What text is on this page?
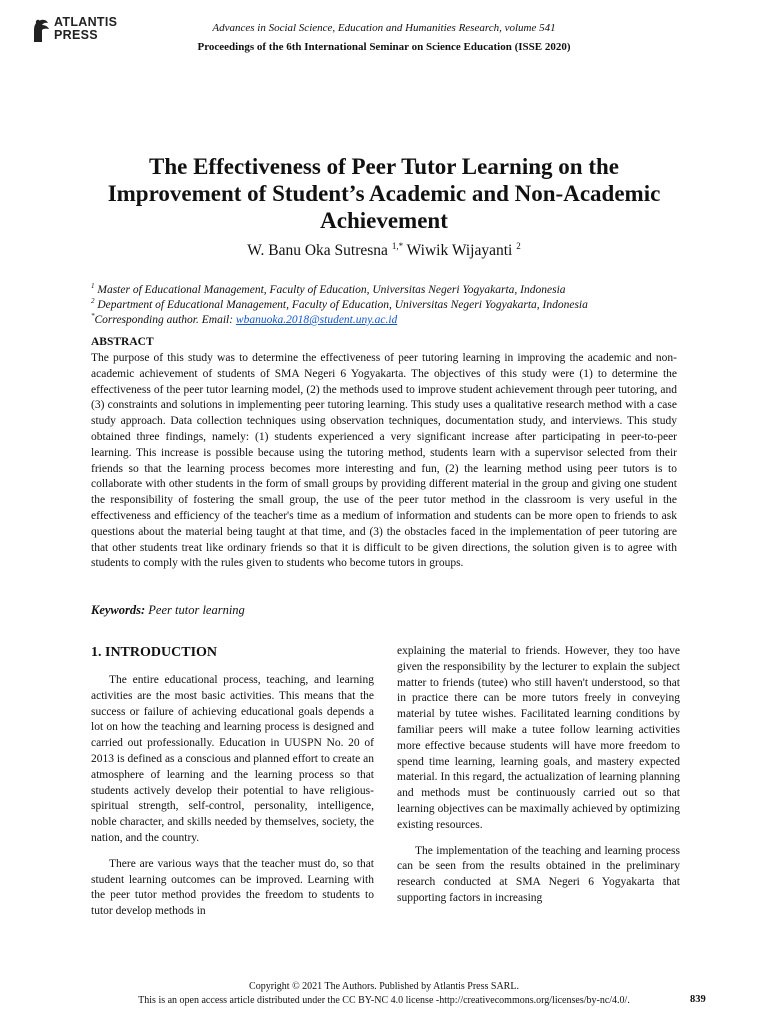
ATLANTIS
PRESS	Advances in Social Science, Education and Humanities Research, volume 541
Proceedings of the 6th International Seminar on Science Education (ISSE 2020)
The Effectiveness of Peer Tutor Learning on the Improvement of Student’s Academic and Non-Academic Achievement
W. Banu Oka Sutresna $^{1,*}$ Wiwik Wijayanti $^2$
$^1$ Master of Educational Management, Faculty of Education, Universitas Negeri Yogyakarta, Indonesia
$^2$ Department of Educational Management, Faculty of Education, Universitas Negeri Yogyakarta, Indonesia
*Corresponding author. Email: wbanuoka.2018@student.uny.ac.id
ABSTRACT
The purpose of this study was to determine the effectiveness of peer tutoring learning in improving the academic and non-academic achievement of students of SMA Negeri 6 Yogyakarta. The objectives of this study were (1) to determine the effectiveness of the peer tutor learning model, (2) the methods used to improve student achievement through peer tutoring, and (3) constraints and solutions in implementing peer tutoring learning. This study uses a qualitative research method with a case study approach. Data collection techniques using observation techniques, documentation study, and interviews. This study obtained three findings, namely: (1) students experienced a very significant increase after participating in peer-to-peer learning. This increase is possible because using the tutoring method, students learn with a supervisor selected from their friends so that the learning process becomes more interesting and fun, (2) the learning method using peer tutors is to collaborate with other students in the form of small groups by providing different material in the group and giving one student the responsibility of fostering the small group, the use of the peer tutor method in the classroom is very useful in the effectiveness and efficiency of the teacher's time as a medium of information and students can be more open to friends to ask questions about the material being taught at that time, and (3) the obstacles faced in the implementation of peer tutoring are that other students treat like ordinary friends so that it is difficult to be given directions, the solution given is to agree with students to comply with the rules given to students who become tutors in groups.
Keywords: Peer tutor learning
1. INTRODUCTION

The entire educational process, teaching, and learning activities are the most basic activities. This means that the success or failure of achieving educational goals depends a lot on how the teaching and learning process is designed and carried out professionally. Education in UUSPN No. 20 of 2013 is defined as a conscious and planned effort to create an atmosphere of learning and the learning process so that students actively develop their potential to have religious-spiritual strength, self-control, personality, intelligence, noble character, and skills needed by themselves, society, the nation, and the country.

There are various ways that the teacher must do, so that student learning outcomes can be improved. Learning with the peer tutor method provides the freedom to students to tutor develop methods in

explaining the material to friends. However, they too have given the responsibility by the lecturer to explain the subject matter to friends (tutee) who still haven't understood, so that in practice there can be more tutors freely in conveying material by tutee wishes. Facilitated learning conditions by familiar peers will make a tutee follow learning activities more effective because students will have more freedom to spend time learning, learning goals, and mastery expected material. In this regard, the actualization of learning planning and methods must be continuously carried out so that learning objectives can be maximally achieved by optimizing existing resources.

The implementation of the teaching and learning process can be seen from the results obtained in the preliminary research conducted at SMA Negeri 6 Yogyakarta that supporting factors in increasing

Copyright © 2021 The Authors. Published by Atlantis Press SARL.
This is an open access article distributed under the CC BY-NC 4.0 license -http://creativecommons.org/licenses/by-nc/4.0/.	839
